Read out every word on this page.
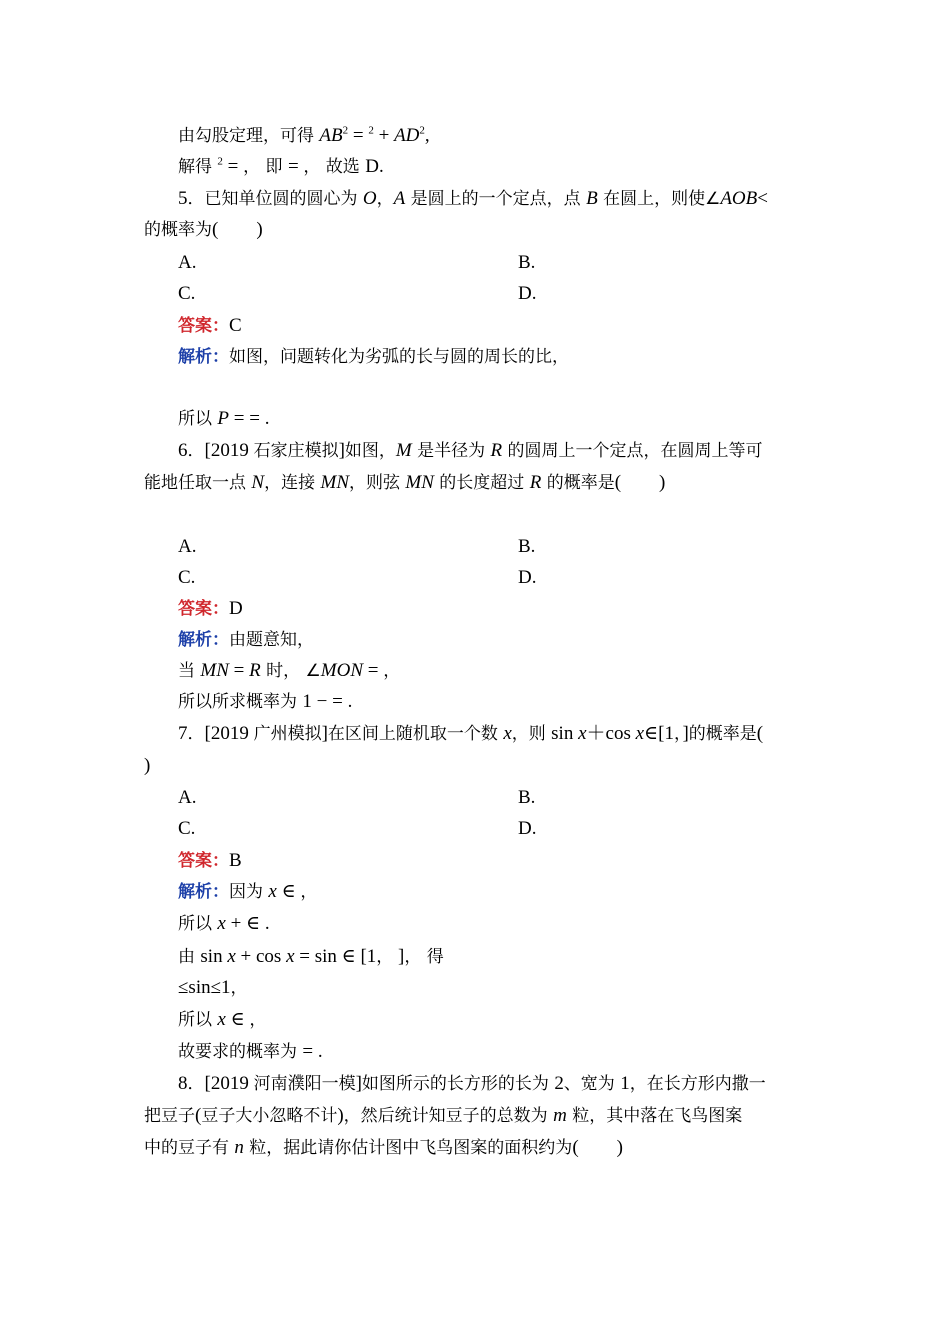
由勾股定理，可得 $AB^2 = ^2 + AD^2$,
解得 $^2$ = ， 即 = ， 故选 D.
5．已知单位圆的圆心为 O，A 是圆上的一个定点，点 B 在圆上，则使∠AOB<
的概率为(　　)
A.	B.
C.	D.
答案：C
解析：如图，问题转化为劣弧的长与圆的周长的比，
所以 P = = .
6．[2019 石家庄模拟]如图，M 是半径为 R 的圆周上一个定点，在圆周上等可
能地任取一点 N，连接 MN，则弦 MN 的长度超过 R 的概率是(　　)
A.	B.
C.	D.
答案：D
解析：由题意知，
当 MN = R 时， ∠MON = ，
所以所求概率为 1 − = .
7．[2019 广州模拟]在区间上随机取一个数 x，则 sin x＋cos x∈[1，]的概率是(
)
A.	B.
C.	D.
答案：B
解析：因为 x ∈ ，
所以 x + ∈ .
由 sin x + cos x = sin ∈ [1， ]， 得
≤sin≤1，
所以 x ∈ ，
故要求的概率为 = .
8．[2019 河南濮阳一模]如图所示的长方形的长为 2、宽为 1，在长方形内撒一
把豆子(豆子大小忽略不计)，然后统计知豆子的总数为 m 粒，其中落在飞鸟图案
中的豆子有 n 粒，据此请你估计图中飞鸟图案的面积约为(　　)
